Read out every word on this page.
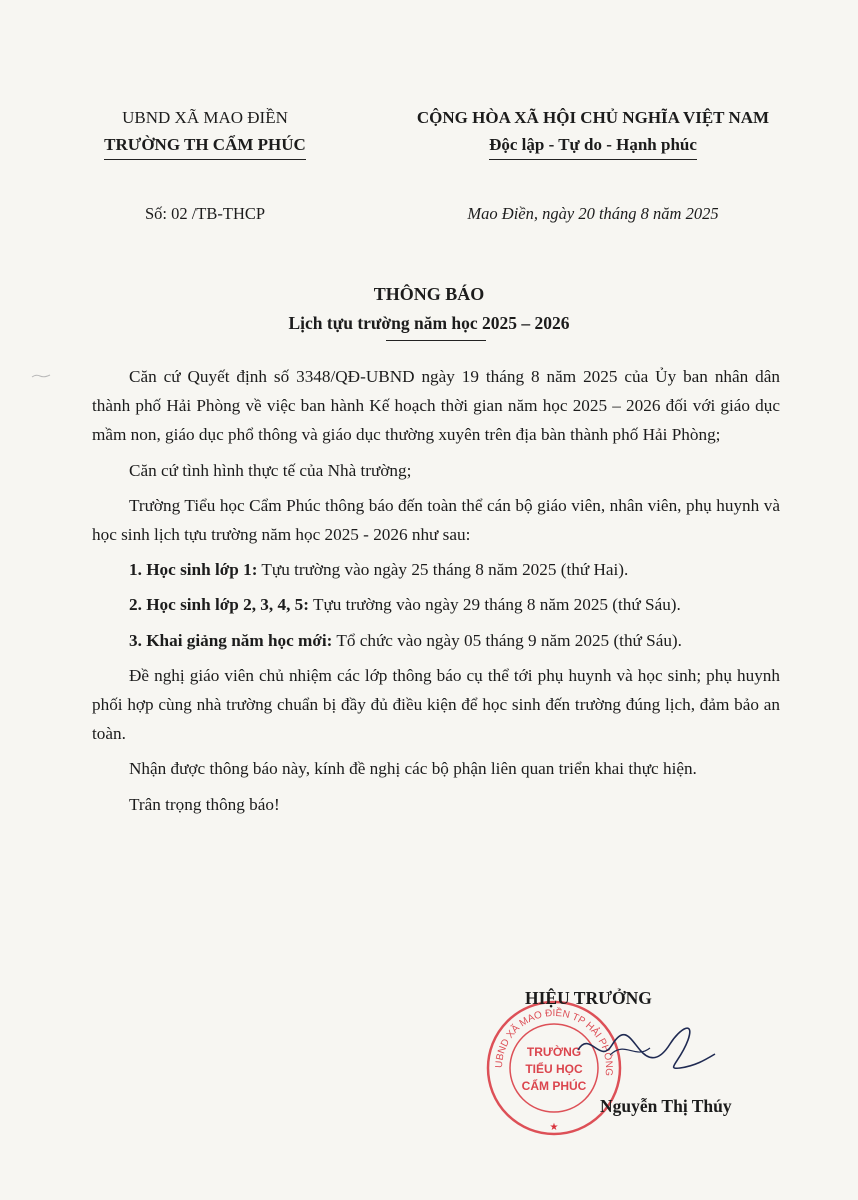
UBND XÃ MAO ĐIỀN
TRƯỜNG TH CẨM PHÚC
Số: 02 /TB-THCP
CỘNG HÒA XÃ HỘI CHỦ NGHĨA VIỆT NAM
Độc lập - Tự do - Hạnh phúc
Mao Điền, ngày 20 tháng 8 năm 2025
THÔNG BÁO
Lịch tựu trường năm học 2025 – 2026

Căn cứ Quyết định số 3348/QĐ-UBND ngày 19 tháng 8 năm 2025 của Ủy ban nhân dân thành phố Hải Phòng về việc ban hành Kế hoạch thời gian năm học 2025 – 2026 đối với giáo dục mầm non, giáo dục phổ thông và giáo dục thường xuyên trên địa bàn thành phố Hải Phòng;

Căn cứ tình hình thực tế của Nhà trường;

Trường Tiểu học Cẩm Phúc thông báo đến toàn thể cán bộ giáo viên, nhân viên, phụ huynh và học sinh lịch tựu trường năm học 2025 - 2026 như sau:

1. Học sinh lớp 1: Tựu trường vào ngày 25 tháng 8 năm 2025 (thứ Hai).

2. Học sinh lớp 2, 3, 4, 5: Tựu trường vào ngày 29 tháng 8 năm 2025 (thứ Sáu).

3. Khai giảng năm học mới: Tổ chức vào ngày 05 tháng 9 năm 2025 (thứ Sáu).

Đề nghị giáo viên chủ nhiệm các lớp thông báo cụ thể tới phụ huynh và học sinh; phụ huynh phối hợp cùng nhà trường chuẩn bị đầy đủ điều kiện để học sinh đến trường đúng lịch, đảm bảo an toàn.

Nhận được thông báo này, kính đề nghị các bộ phận liên quan triển khai thực hiện.

Trân trọng thông báo!

UBND XÃ MAO ĐIỀN TP HẢI PHÒNG
TRƯỜNG
TIỂU HỌC
CẨM PHÚC
★
HIỆU TRƯỞNG
Nguyễn Thị Thúy
